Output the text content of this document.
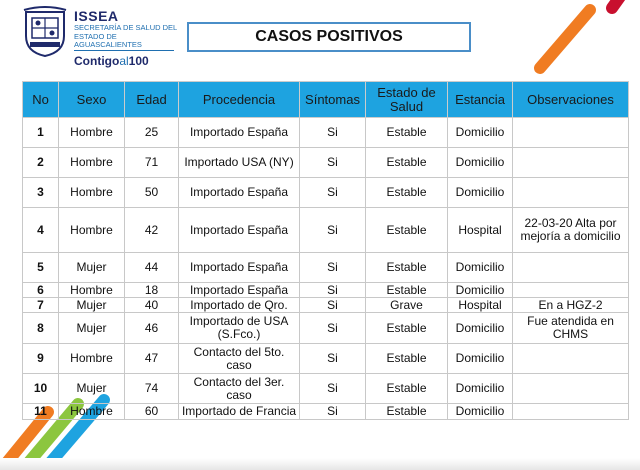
ISSEA
SECRETARÍA DE SALUD DEL ESTADO DE AGUASCALIENTES
Contigoal100
CASOS POSITIVOS
No	Sexo	Edad	Procedencia	Síntomas	Estado de Salud	Estancia	Observaciones
1	Hombre	25	Importado España	Si	Estable	Domicilio	
2	Hombre	71	Importado USA (NY)	Si	Estable	Domicilio	
3	Hombre	50	Importado España	Si	Estable	Domicilio	
4	Hombre	42	Importado España	Si	Estable	Hospital	22-03-20 Alta por mejoría a domicilio
5	Mujer	44	Importado España	Si	Estable	Domicilio	
6	Hombre	18	Importado España	Si	Estable	Domicilio	
7	Mujer	40	Importado de Qro.	Si	Grave	Hospital	En a HGZ-2
8	Mujer	46	Importado de USA (S.Fco.)	Si	Estable	Domicilio	Fue atendida en CHMS
9	Hombre	47	Contacto del 5to. caso	Si	Estable	Domicilio	
10	Mujer	74	Contacto del 3er. caso	Si	Estable	Domicilio	
11	Hombre	60	Importado de Francia	Si	Estable	Domicilio	
